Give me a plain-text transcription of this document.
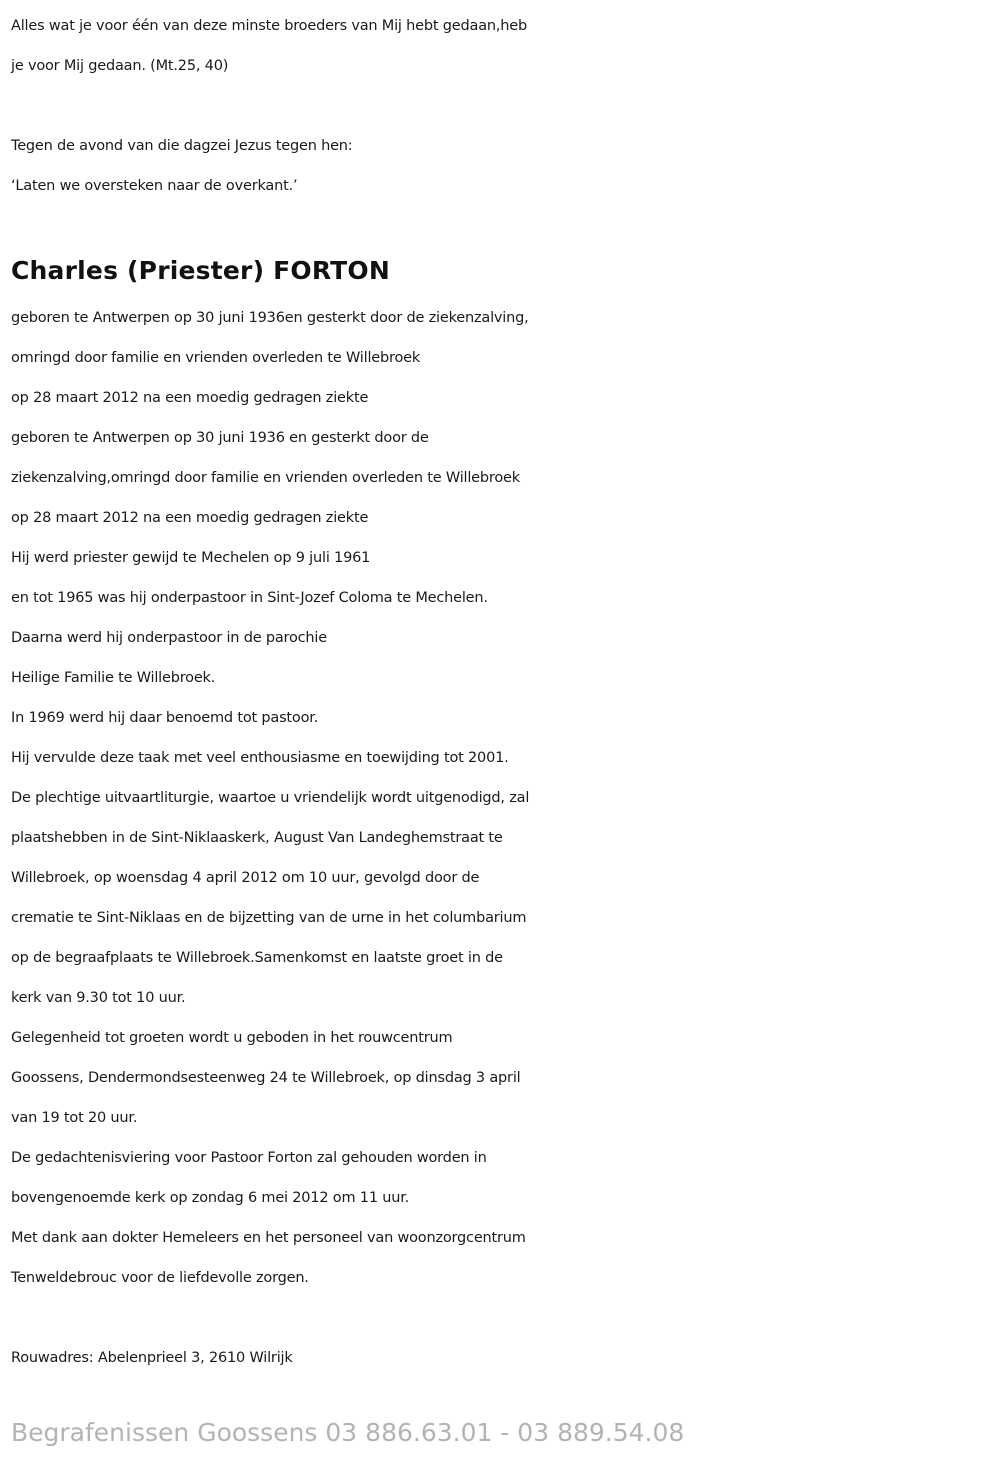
Alles wat je voor één van deze minste broeders van Mij hebt gedaan,heb
je voor Mij gedaan. (Mt.25, 40)
Tegen de avond van die dagzei Jezus tegen hen:
‘Laten we oversteken naar de overkant.’
Charles (Priester) FORTON
geboren te Antwerpen op 30 juni 1936en gesterkt door de ziekenzalving,
omringd door familie en vrienden overleden te Willebroek
op 28 maart 2012 na een moedig gedragen ziekte
geboren te Antwerpen op 30 juni 1936 en gesterkt door de
ziekenzalving,omringd door familie en vrienden overleden te Willebroek
op 28 maart 2012 na een moedig gedragen ziekte
Hij werd priester gewijd te Mechelen op 9 juli 1961
en tot 1965 was hij onderpastoor in Sint-Jozef Coloma te Mechelen.
Daarna werd hij onderpastoor in de parochie
Heilige Familie te Willebroek.
In 1969 werd hij daar benoemd tot pastoor.
Hij vervulde deze taak met veel enthousiasme en toewijding tot 2001.
De plechtige uitvaartliturgie, waartoe u vriendelijk wordt uitgenodigd, zal
plaatshebben in de Sint-Niklaaskerk, August Van Landeghemstraat te
Willebroek, op woensdag 4 april 2012 om 10 uur, gevolgd door de
crematie te Sint-Niklaas en de bijzetting van de urne in het columbarium
op de begraafplaats te Willebroek.Samenkomst en laatste groet in de
kerk van 9.30 tot 10 uur.
Gelegenheid tot groeten wordt u geboden in het rouwcentrum
Goossens, Dendermondsesteenweg 24 te Willebroek, op dinsdag 3 april
van 19 tot 20 uur.
De gedachtenisviering voor Pastoor Forton zal gehouden worden in
bovengenoemde kerk op zondag 6 mei 2012 om 11 uur.
Met dank aan dokter Hemeleers en het personeel van woonzorgcentrum
Tenweldebrouc voor de liefdevolle zorgen.
Rouwadres: Abelenprieel 3, 2610 Wilrijk
Begrafenissen Goossens 03 886.63.01 - 03 889.54.08
